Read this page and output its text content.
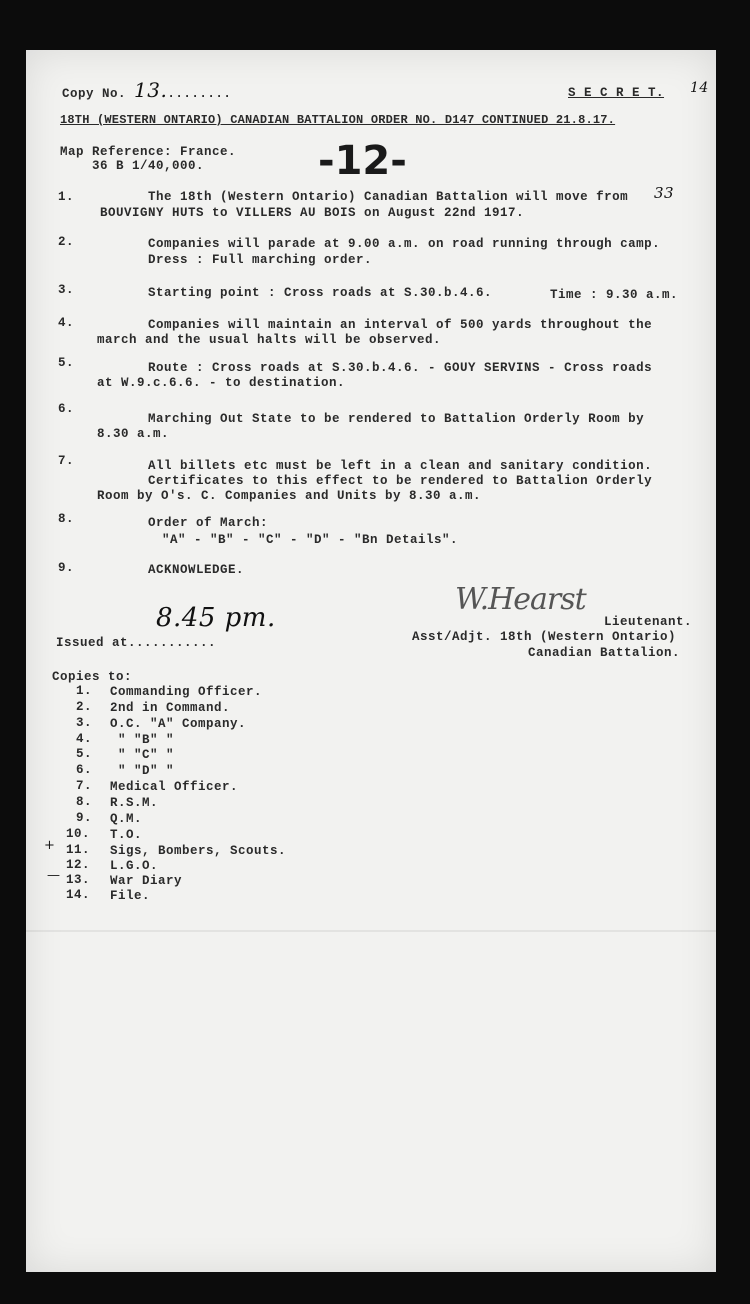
Copy No. 13.........	S E C R E T. 14
18TH (WESTERN ONTARIO) CANADIAN BATTALION ORDER NO. D147 CONTINUED 21.8.17.
Map Reference: France.
36 B 1/40,000.	-12-
33
1.	The 18th (Western Ontario) Canadian Battalion will move from
BOUVIGNY HUTS to VILLERS AU BOIS on August 22nd 1917.
2.	Companies will parade at 9.00 a.m. on road running through camp.
Dress : Full marching order.
3.	Starting point : Cross roads at S.30.b.4.6.	Time : 9.30 a.m.
4.	Companies will maintain an interval of 500 yards throughout the
march and the usual halts will be observed.
5.	Route : Cross roads at S.30.b.4.6. - GOUY SERVINS - Cross roads
at W.9.c.6.6. - to destination.
6.
Marching Out State to be rendered to Battalion Orderly Room by
8.30 a.m.
7.	All billets etc must be left in a clean and sanitary condition.
Certificates to this effect to be rendered to Battalion Orderly
Room by O's. C. Companies and Units by 8.30 a.m.
8.	Order of March:
"A" - "B" - "C" - "D" - "Bn Details".
9.	ACKNOWLEDGE.
W.Hearst
Lieutenant.
Asst/Adjt. 18th (Western Ontario)
Canadian Battalion.
Issued at...........
8.45 pm.
Copies to:
1. Commanding Officer.
2. 2nd in Command.
3. O.C. "A" Company.
4. " "B" "
5. " "C" "
6. " "D" "
7. Medical Officer.
8. R.S.M.
9. Q.M.
10. T.O.
+ 11. Sigs, Bombers, Scouts.
12. L.G.O.
— 13. War Diary
14. File.
